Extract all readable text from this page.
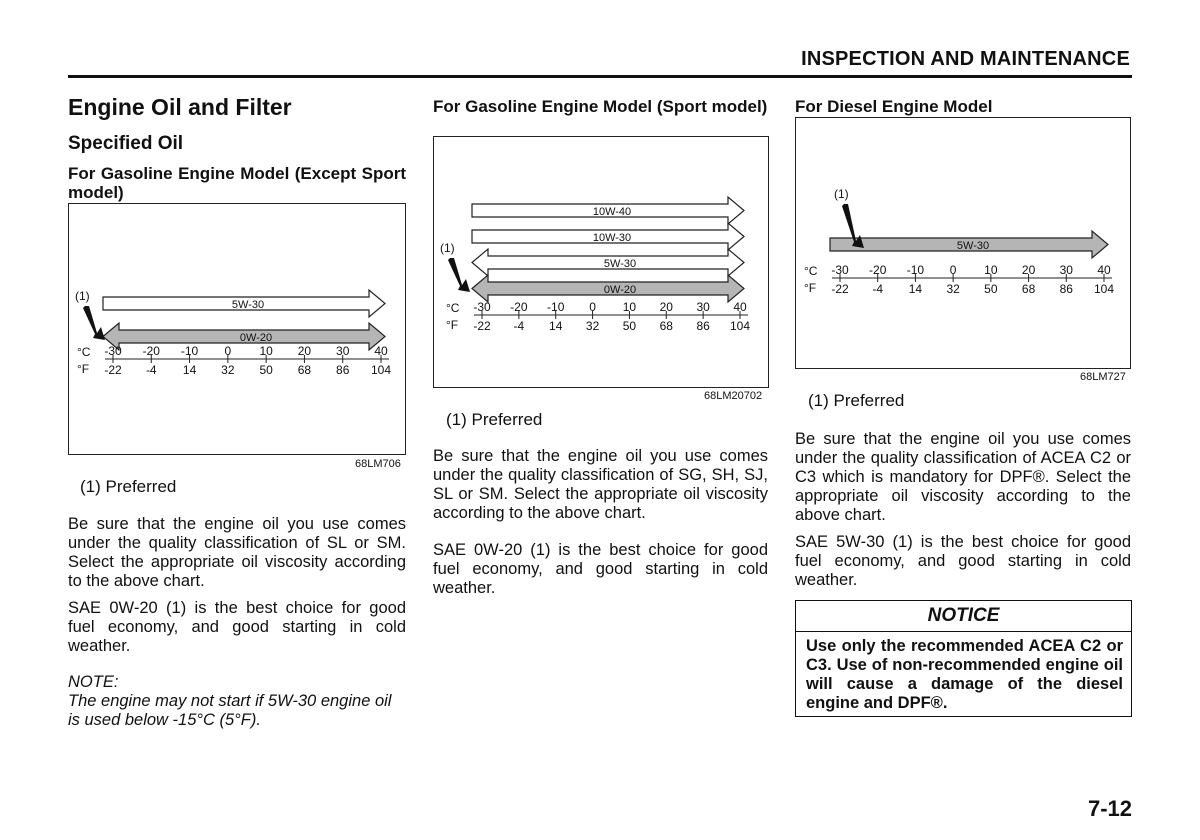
INSPECTION AND MAINTENANCE
Engine Oil and Filter
Specified Oil
For Gasoline Engine Model (Except Sport model)
5W-30
0W-20
(1)
°C
°F
-30
-22
-20
-4
-10
14
0
32
10
50
20
68
30
86
40
104
68LM706
(1) Preferred
Be sure that the engine oil you use comes under the quality classification of SL or SM. Select the appropriate oil viscosity according to the above chart.
SAE 0W-20 (1) is the best choice for good fuel economy, and good starting in cold weather.
NOTE:
The engine may not start if 5W-30 engine oil is used below -15°C (5°F).
For Gasoline Engine Model (Sport model)
10W-40
10W-30
5W-30
0W-20
(1)
°C
°F
-30
-22
-20
-4
-10
14
0
32
10
50
20
68
30
86
40
104
68LM20702
(1) Preferred
Be sure that the engine oil you use comes under the quality classification of SG, SH, SJ, SL or SM. Select the appropriate oil viscosity according to the above chart.
SAE 0W-20 (1) is the best choice for good fuel economy, and good starting in cold weather.
For Diesel Engine Model
5W-30
(1)
°C
°F
-30
-22
-20
-4
-10
14
0
32
10
50
20
68
30
86
40
104
68LM727
(1) Preferred
Be sure that the engine oil you use comes under the quality classification of ACEA C2 or C3 which is mandatory for DPF®. Select the appropriate oil viscosity according to the above chart.
SAE 5W-30 (1) is the best choice for good fuel economy, and good starting in cold weather.
NOTICE
Use only the recommended ACEA C2 or C3. Use of non-recommended engine oil will cause a damage of the diesel engine and DPF®.
7-12
